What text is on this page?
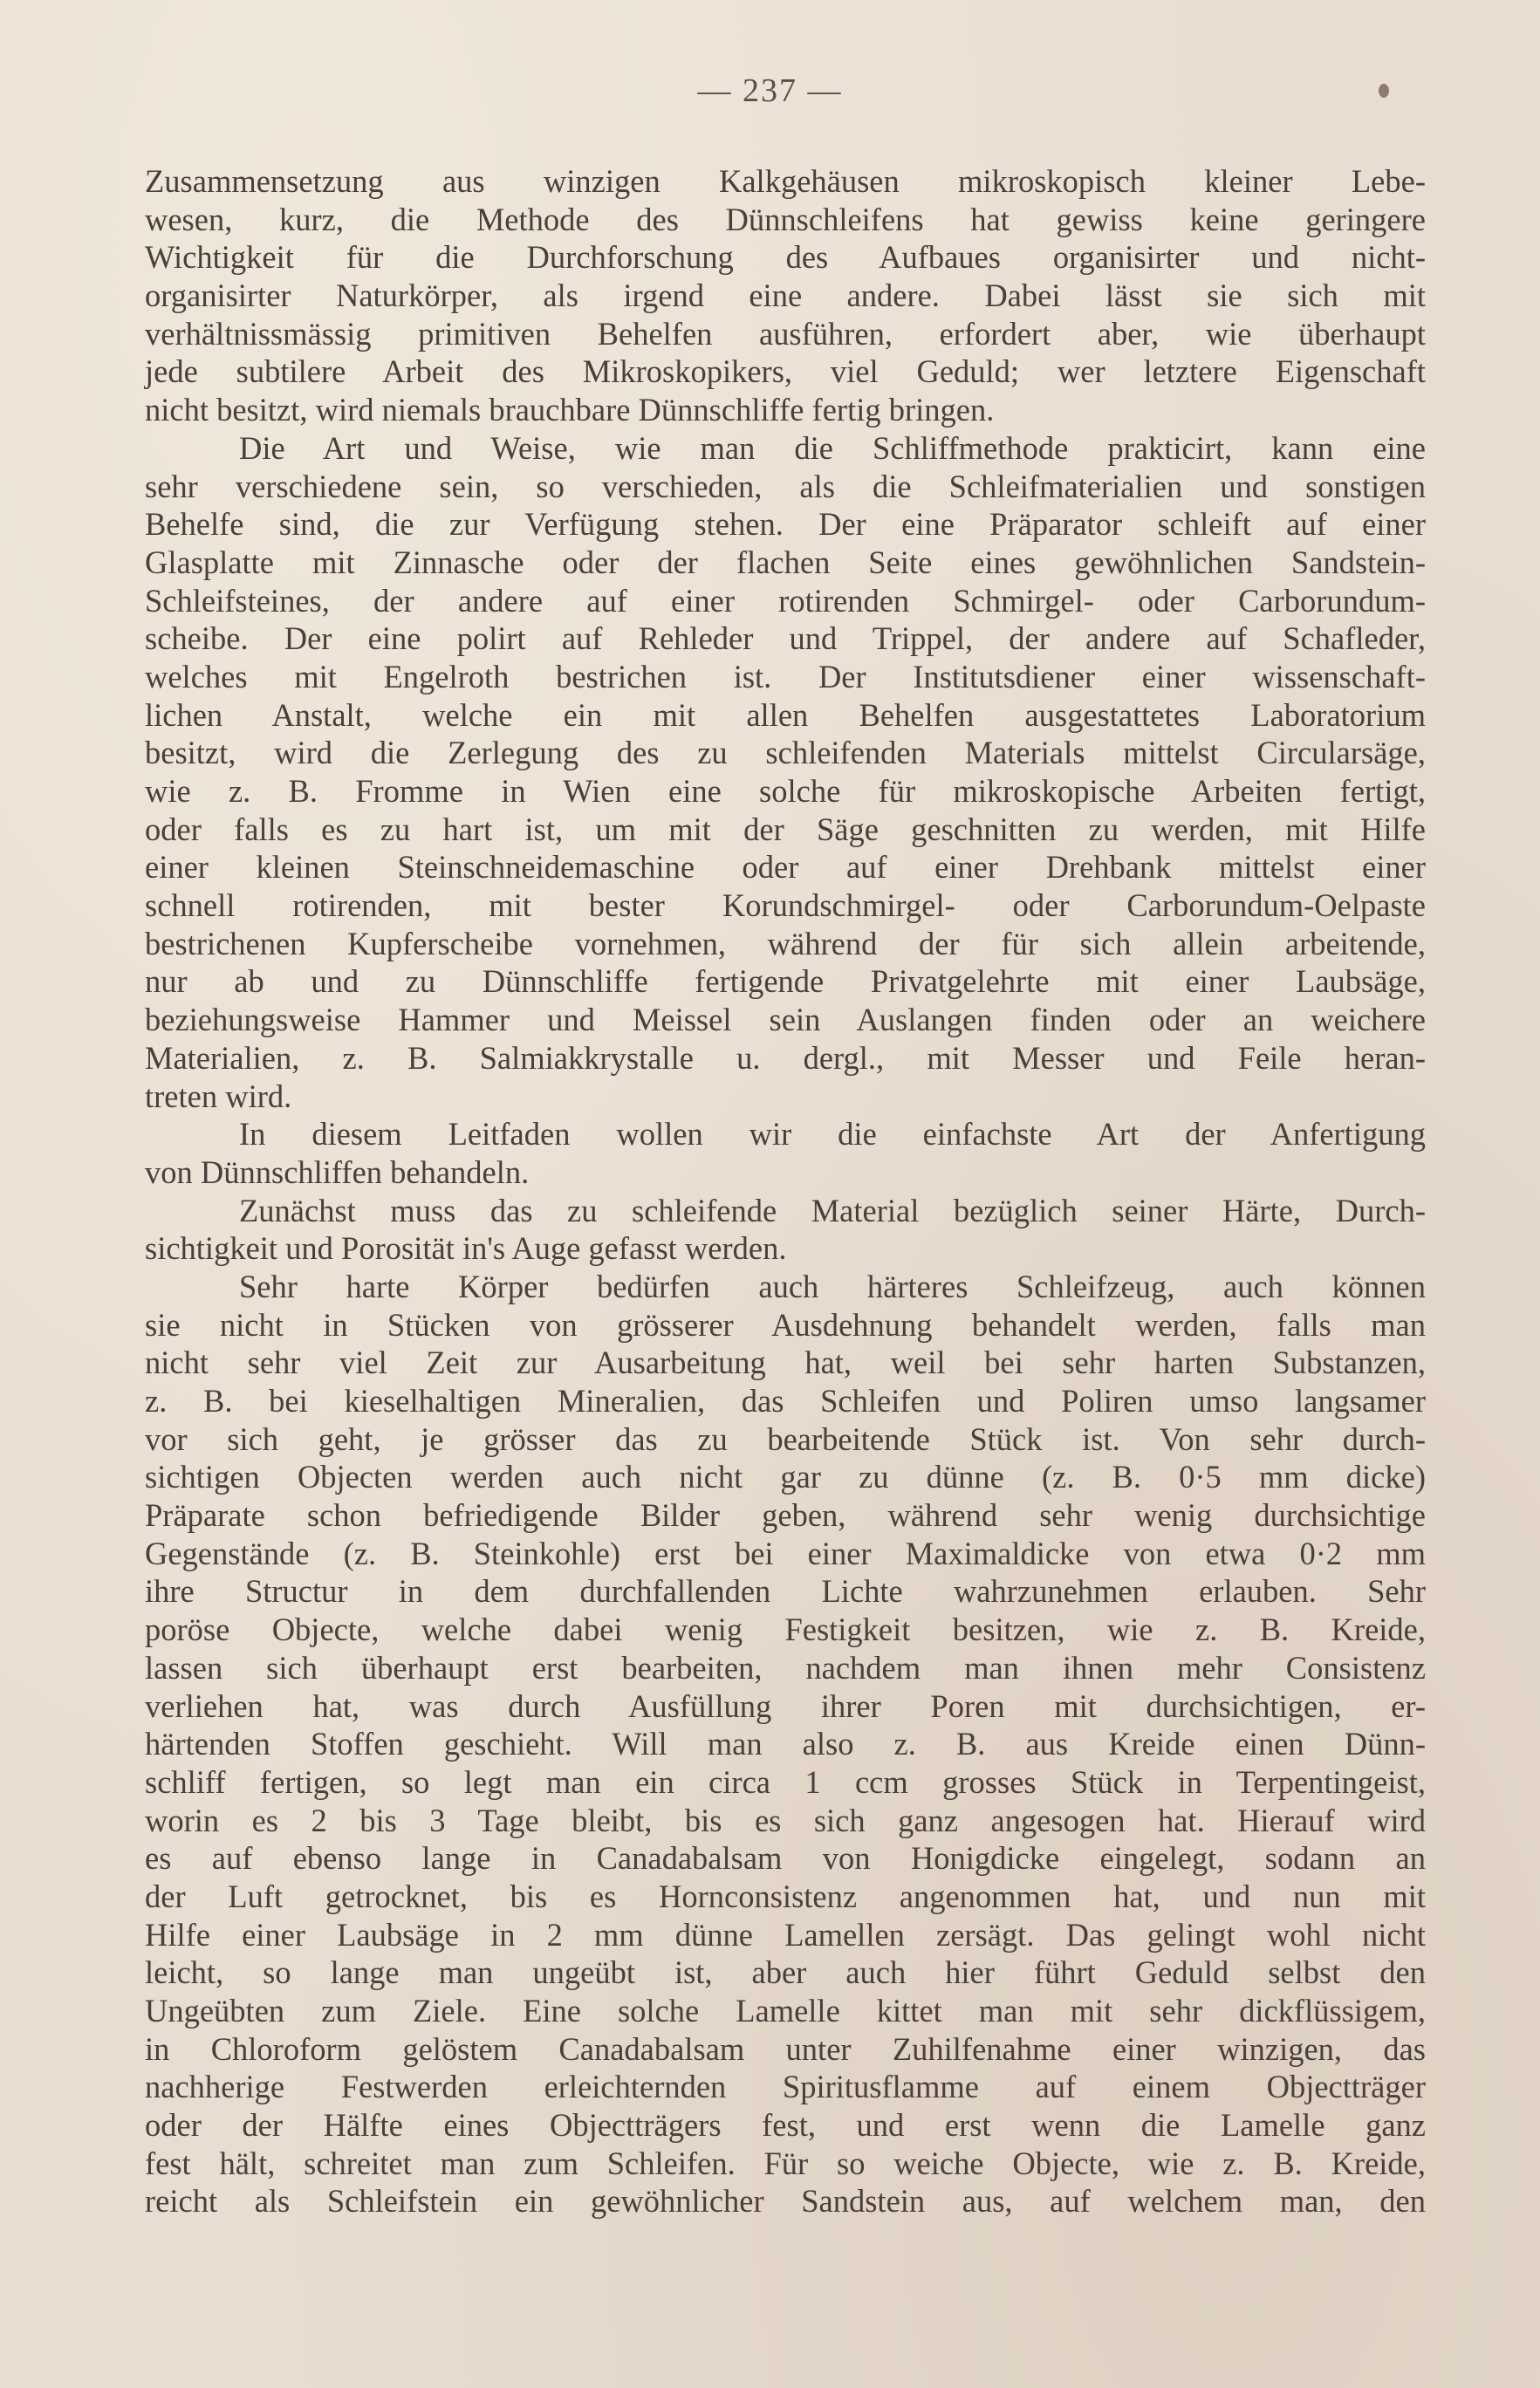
— 237 —
Zusammensetzung aus winzigen Kalkgehäusen mikroskopisch kleiner Lebe-
wesen, kurz, die Methode des Dünnschleifens hat gewiss keine geringere
Wichtigkeit für die Durchforschung des Aufbaues organisirter und nicht-
organisirter Naturkörper, als irgend eine andere. Dabei lässt sie sich mit
verhältnissmässig primitiven Behelfen ausführen, erfordert aber, wie überhaupt
jede subtilere Arbeit des Mikroskopikers, viel Geduld; wer letztere Eigenschaft
nicht besitzt, wird niemals brauchbare Dünnschliffe fertig bringen.
Die Art und Weise, wie man die Schliffmethode prakticirt, kann eine
sehr verschiedene sein, so verschieden, als die Schleifmaterialien und sonstigen
Behelfe sind, die zur Verfügung stehen. Der eine Präparator schleift auf einer
Glasplatte mit Zinnasche oder der flachen Seite eines gewöhnlichen Sandstein-
Schleifsteines, der andere auf einer rotirenden Schmirgel- oder Carborundum-
scheibe. Der eine polirt auf Rehleder und Trippel, der andere auf Schafleder,
welches mit Engelroth bestrichen ist. Der Institutsdiener einer wissenschaft-
lichen Anstalt, welche ein mit allen Behelfen ausgestattetes Laboratorium
besitzt, wird die Zerlegung des zu schleifenden Materials mittelst Circularsäge,
wie z. B. Fromme in Wien eine solche für mikroskopische Arbeiten fertigt,
oder falls es zu hart ist, um mit der Säge geschnitten zu werden, mit Hilfe
einer kleinen Steinschneidemaschine oder auf einer Drehbank mittelst einer
schnell rotirenden, mit bester Korundschmirgel- oder Carborundum-Oelpaste
bestrichenen Kupferscheibe vornehmen, während der für sich allein arbeitende,
nur ab und zu Dünnschliffe fertigende Privatgelehrte mit einer Laubsäge,
beziehungsweise Hammer und Meissel sein Auslangen finden oder an weichere
Materialien, z. B. Salmiakkrystalle u. dergl., mit Messer und Feile heran-
treten wird.
In diesem Leitfaden wollen wir die einfachste Art der Anfertigung
von Dünnschliffen behandeln.
Zunächst muss das zu schleifende Material bezüglich seiner Härte, Durch-
sichtigkeit und Porosität in's Auge gefasst werden.
Sehr harte Körper bedürfen auch härteres Schleifzeug, auch können
sie nicht in Stücken von grösserer Ausdehnung behandelt werden, falls man
nicht sehr viel Zeit zur Ausarbeitung hat, weil bei sehr harten Substanzen,
z. B. bei kieselhaltigen Mineralien, das Schleifen und Poliren umso langsamer
vor sich geht, je grösser das zu bearbeitende Stück ist. Von sehr durch-
sichtigen Objecten werden auch nicht gar zu dünne (z. B. 0·5 mm dicke)
Präparate schon befriedigende Bilder geben, während sehr wenig durchsichtige
Gegenstände (z. B. Steinkohle) erst bei einer Maximaldicke von etwa 0·2 mm
ihre Structur in dem durchfallenden Lichte wahrzunehmen erlauben. Sehr
poröse Objecte, welche dabei wenig Festigkeit besitzen, wie z. B. Kreide,
lassen sich überhaupt erst bearbeiten, nachdem man ihnen mehr Consistenz
verliehen hat, was durch Ausfüllung ihrer Poren mit durchsichtigen, er-
härtenden Stoffen geschieht. Will man also z. B. aus Kreide einen Dünn-
schliff fertigen, so legt man ein circa 1 ccm grosses Stück in Terpentingeist,
worin es 2 bis 3 Tage bleibt, bis es sich ganz angesogen hat. Hierauf wird
es auf ebenso lange in Canadabalsam von Honigdicke eingelegt, sodann an
der Luft getrocknet, bis es Hornconsistenz angenommen hat, und nun mit
Hilfe einer Laubsäge in 2 mm dünne Lamellen zersägt. Das gelingt wohl nicht
leicht, so lange man ungeübt ist, aber auch hier führt Geduld selbst den
Ungeübten zum Ziele. Eine solche Lamelle kittet man mit sehr dickflüssigem,
in Chloroform gelöstem Canadabalsam unter Zuhilfenahme einer winzigen, das
nachherige Festwerden erleichternden Spiritusflamme auf einem Objectträger
oder der Hälfte eines Objectträgers fest, und erst wenn die Lamelle ganz
fest hält, schreitet man zum Schleifen. Für so weiche Objecte, wie z. B. Kreide,
reicht als Schleifstein ein gewöhnlicher Sandstein aus, auf welchem man, den
